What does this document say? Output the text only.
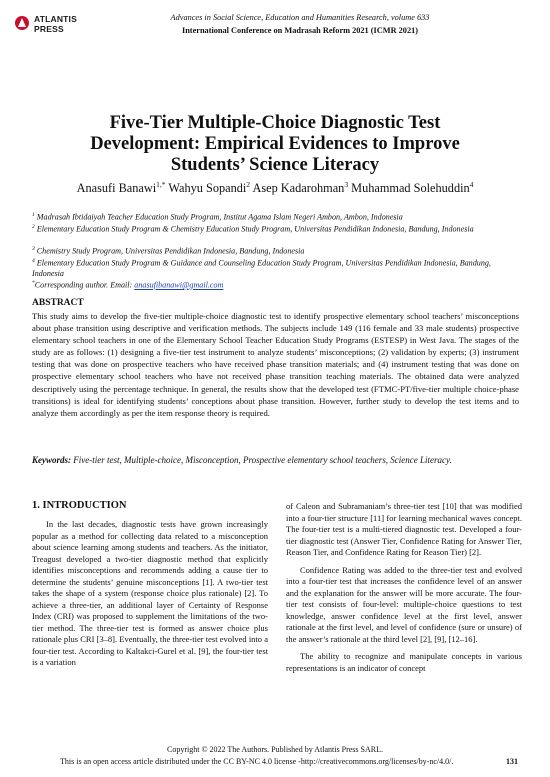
ATLANTIS
PRESS
Advances in Social Science, Education and Humanities Research, volume 633
International Conference on Madrasah Reform 2021 (ICMR 2021)
Five-Tier Multiple-Choice Diagnostic Test Development: Empirical Evidences to Improve Students’ Science Literacy
Anasufi Banawi$^{1,*}$ Wahyu Sopandi$^2$ Asep Kadarohman$^3$ Muhammad Solehuddin$^4$
$^1$ Madrasah Ibtidaiyah Teacher Education Study Program, Institut Agama Islam Negeri Ambon, Ambon, Indonesia
$^2$ Elementary Education Study Program & Chemistry Education Study Program, Universitas Pendidikan Indonesia, Bandung, Indonesia
$^3$ Chemistry Study Program, Universitas Pendidikan Indonesia, Bandung, Indonesia
$^4$ Elementary Education Study Program & Guidance and Counseling Education Study Program, Universitas Pendidikan Indonesia, Bandung, Indonesia
*Corresponding author. Email: anasufibanawi@gmail.com
ABSTRACT
This study aims to develop the five-tier multiple-choice diagnostic test to identify prospective elementary school teachers’ misconceptions about phase transition using descriptive and verification methods. The subjects include 149 (116 female and 33 male students) prospective elementary school teachers in one of the Elementary School Teacher Education Study Programs (ESTESP) in West Java. The stages of the study are as follows: (1) designing a five-tier test instrument to analyze students’ misconceptions; (2) validation by experts; (3) instrument testing that was done on prospective teachers who have received phase transition materials; and (4) instrument testing that was done on prospective elementary school teachers who have not received phase transition teaching materials. The obtained data were analyzed descriptively using the percentage technique. In general, the results show that the developed test (FTMC-PT/five-tier multiple choice-phase transitions) is ideal for identifying students’ conceptions about phase transition. However, further study to develop the test items and to analyze them accordingly as per the item response theory is required.
Keywords: Five-tier test, Multiple-choice, Misconception, Prospective elementary school teachers, Science Literacy.
1. INTRODUCTION

In the last decades, diagnostic tests have grown increasingly popular as a method for collecting data related to a misconception about science learning among students and teachers. As the initiator, Treagust developed a two-tier diagnostic method that explicitly identifies misconceptions and recommends adding a cause tier to determine the students’ genuine misconceptions [1]. A two-tier test takes the shape of a system (response choice plus rationale) [2]. To achieve a three-tier, an additional layer of Certainty of Response Index (CRI) was proposed to supplement the limitations of the two-tier method. The three-tier test is formed as answer choice plus rationale plus CRI [3–8]. Eventually, the three-tier test evolved into a four-tier test. According to Kaltakci-Gurel et al. [9], the four-tier test is a variation

of Caleon and Subramaniam’s three-tier test [10] that was modified into a four-tier structure [11] for learning mechanical waves concept. The four-tier test is a multi-tiered diagnostic test. Developed a four-tier diagnostic test (Answer Tier, Confidence Rating for Answer Tier, Reason Tier, and Confidence Rating for Reason Tier) [2].

Confidence Rating was added to the three-tier test and evolved into a four-tier test that increases the confidence level of an answer and the explanation for the answer will be more accurate. The four-tier test consists of four-level: multiple-choice questions to test knowledge, answer confidence level at the first level, answer rationale at the first level, and level of confidence (sure or unsure) of the answer’s rationale at the third level [2], [9], [12–16].

The ability to recognize and manipulate concepts in various representations is an indicator of concept

Copyright © 2022 The Authors. Published by Atlantis Press SARL.
This is an open access article distributed under the CC BY-NC 4.0 license -http://creativecommons.org/licenses/by-nc/4.0/.	131
